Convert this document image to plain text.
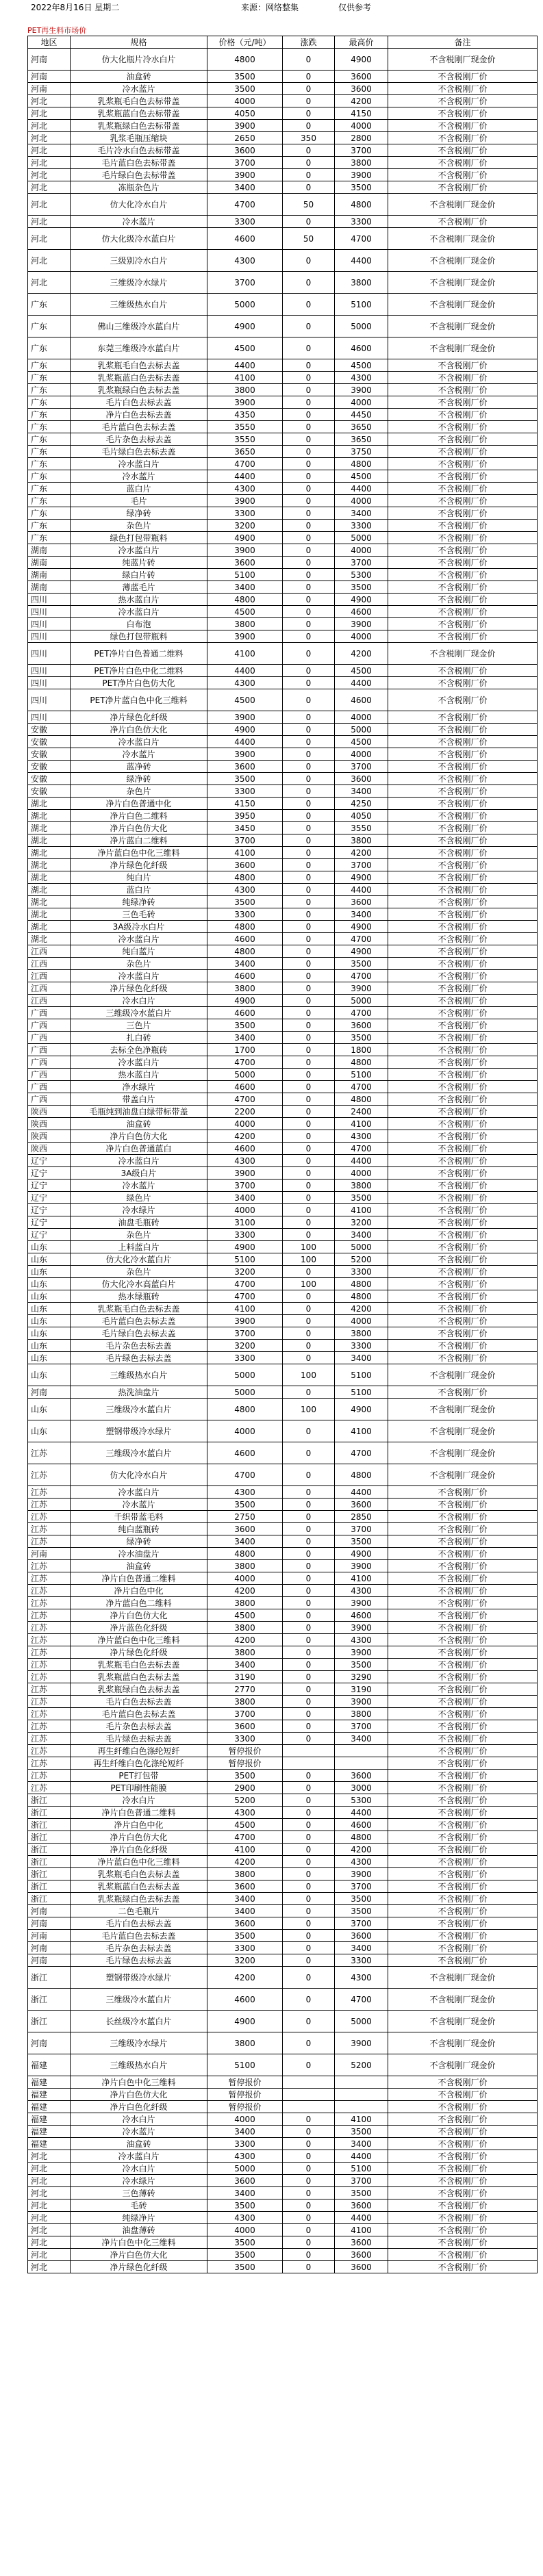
2022年8月16日 星期二	来源：网络整集	仅供参考
PET再生料市场价
地区	规格	价格（元/吨）	涨跌	最高价	备注
河南	仿大化瓶片冷水白片	4800	0	4900	不含税刚厂现金价
河南	油盒砖	3500	0	3600	不含税刚厂价
河南	冷水蓝片	3500	0	3600	不含税刚厂价
河北	乳浆瓶毛白色去标带盖	4000	0	4200	不含税刚厂价
河北	乳浆瓶蓝白色去标带盖	4050	0	4150	不含税刚厂价
河北	乳浆瓶绿白色去标带盖	3900	0	4000	不含税刚厂价
河北	乳浆毛瓶压缩块	2650	350	2800	不含税刚厂价
河北	毛片冷水白色去标带盖	3600	0	3700	不含税刚厂价
河北	毛片蓝白色去标带盖	3700	0	3800	不含税刚厂价
河北	毛片绿白色去标带盖	3900	0	3900	不含税刚厂价
河北	冻瓶杂色片	3400	0	3500	不含税刚厂价
河北	仿大化冷水白片	4700	50	4800	不含税刚厂现金价
河北	冷水蓝片	3300	0	3300	不含税刚厂价
河北	仿大化级冷水蓝白片	4600	50	4700	不含税刚厂现金价
河北	三级别冷水白片	4300	0	4400	不含税刚厂现金价
河北	三维级冷水绿片	3700	0	3800	不含税刚厂现金价
广东	三维级热水白片	5000	0	5100	不含税刚厂现金价
广东	佛山三维级冷水蓝白片	4900	0	5000	不含税刚厂现金价
广东	东莞三维级冷水蓝白片	4500	0	4600	不含税刚厂现金价
广东	乳浆瓶毛白色去标去盖	4400	0	4500	不含税刚厂价
广东	乳浆瓶蓝白色去标去盖	4100	0	4300	不含税刚厂价
广东	乳浆瓶绿白色去标去盖	3800	0	3900	不含税刚厂价
广东	毛片白色去标去盖	3900	0	4000	不含税刚厂价
广东	净片白色去标去盖	4350	0	4450	不含税刚厂价
广东	毛片蓝白色去标去盖	3550	0	3650	不含税刚厂价
广东	毛片杂色去标去盖	3550	0	3650	不含税刚厂价
广东	毛片绿白色去标去盖	3650	0	3750	不含税刚厂价
广东	冷水蓝白片	4700	0	4800	不含税刚厂价
广东	冷水蓝片	4400	0	4500	不含税刚厂价
广东	蓝白片	4300	0	4400	不含税刚厂价
广东	毛片	3900	0	4000	不含税刚厂价
广东	绿净砖	3300	0	3400	不含税刚厂价
广东	杂色片	3200	0	3300	不含税刚厂价
广东	绿色打包带瓶料	4900	0	5000	不含税刚厂价
湖南	冷水蓝白片	3900	0	4000	不含税刚厂价
湖南	纯蓝片砖	3600	0	3700	不含税刚厂价
湖南	绿白片砖	5100	0	5300	不含税刚厂价
湖南	薄蓝毛片	3400	0	3500	不含税刚厂价
四川	热水蓝白片	4800	0	4900	不含税刚厂价
四川	冷水蓝白片	4500	0	4600	不含税刚厂价
四川	白布泡	3800	0	3900	不含税刚厂价
四川	绿色打包带瓶料	3900	0	4000	不含税刚厂价
四川	PET净片白色普通二维料	4100	0	4200	不含税刚厂现金价
四川	PET净片白色中化二维料	4400	0	4500	不含税刚厂价
四川	PET净片白色仿大化	4300	0	4400	不含税刚厂价
四川	PET净片蓝白色中化三维料	4500	0	4600	不含税刚厂价
四川	净片绿色化纤级	3900	0	4000	不含税刚厂价
安徽	净片白色仿大化	4900	0	5000	不含税刚厂价
安徽	冷水蓝白片	4400	0	4500	不含税刚厂价
安徽	冷水蓝片	3900	0	4000	不含税刚厂价
安徽	蓝净砖	3600	0	3700	不含税刚厂价
安徽	绿净砖	3500	0	3600	不含税刚厂价
安徽	杂色片	3300	0	3400	不含税刚厂价
湖北	净片白色普通中化	4150	0	4250	不含税刚厂价
湖北	净片白色二维料	3950	0	4050	不含税刚厂价
湖北	净片白色仿大化	3450	0	3550	不含税刚厂价
湖北	净片蓝白二维料	3700	0	3800	不含税刚厂价
湖北	净片蓝白色中化三维料	4100	0	4200	不含税刚厂价
湖北	净片绿色化纤级	3600	0	3700	不含税刚厂价
湖北	纯白片	4800	0	4900	不含税刚厂价
湖北	蓝白片	4300	0	4400	不含税刚厂价
湖北	纯绿净砖	3500	0	3600	不含税刚厂价
湖北	三色毛砖	3300	0	3400	不含税刚厂价
湖北	3A级冷水白片	4800	0	4900	不含税刚厂价
湖北	冷水蓝白片	4600	0	4700	不含税刚厂价
江西	纯白蓝片	4800	0	4900	不含税刚厂价
江西	杂色片	3400	0	3500	不含税刚厂价
江西	冷水蓝白片	4600	0	4700	不含税刚厂价
江西	净片绿色化纤级	3800	0	3900	不含税刚厂价
江西	冷水白片	4900	0	5000	不含税刚厂价
广西	三维级冷水蓝白片	4600	0	4700	不含税刚厂价
广西	三色片	3500	0	3600	不含税刚厂价
广西	扎白砖	3400	0	3500	不含税刚厂价
广西	去标全色净瓶砖	1700	0	1800	不含税刚厂价
广西	冷水蓝白片	4700	0	4800	不含税刚厂价
广西	热水蓝白片	5000	0	5100	不含税刚厂价
广西	净水绿片	4600	0	4700	不含税刚厂价
广西	带盖白片	4700	0	4800	不含税刚厂价
陕西	毛瓶纯到油盘白绿带标带盖	2200	0	2400	不含税刚厂价
陕西	油盒砖	4000	0	4100	不含税刚厂价
陕西	净片白色仿大化	4200	0	4300	不含税刚厂价
陕西	净片白色普通蓝白	4600	0	4700	不含税刚厂价
辽宁	冷水蓝白片	4300	0	4400	不含税刚厂价
辽宁	3A级白片	3900	0	4000	不含税刚厂价
辽宁	冷水蓝片	3700	0	3800	不含税刚厂价
辽宁	绿色片	3400	0	3500	不含税刚厂价
辽宁	冷水绿片	4000	0	4100	不含税刚厂价
辽宁	油盘毛瓶砖	3100	0	3200	不含税刚厂价
辽宁	杂色片	3300	0	3400	不含税刚厂价
山东	上料蓝白片	4900	100	5000	不含税刚厂价
山东	仿大化冷水蓝白片	5100	100	5200	不含税刚厂价
山东	杂色片	3200	0	3300	不含税刚厂价
山东	仿大化冷水高蓝白片	4700	100	4800	不含税刚厂价
山东	热水绿瓶砖	4700	0	4800	不含税刚厂价
山东	乳浆瓶毛白色去标去盖	4100	0	4200	不含税刚厂价
山东	毛片蓝白色去标去盖	3900	0	4000	不含税刚厂价
山东	毛片绿白色去标去盖	3700	0	3800	不含税刚厂价
山东	毛片杂色去标去盖	3200	0	3300	不含税刚厂价
山东	毛片绿色去标去盖	3300	0	3400	不含税刚厂价
山东	三维级热水白片	5000	100	5100	不含税刚厂现金价
河南	热洗油盘片	5000	0	5100	不含税刚厂价
山东	三维级冷水蓝白片	4800	100	4900	不含税刚厂现金价
山东	塑钢带级冷水绿片	4000	0	4100	不含税刚厂现金价
江苏	三维级冷水蓝白片	4600	0	4700	不含税刚厂现金价
江苏	仿大化冷水白片	4700	0	4800	不含税刚厂现金价
江苏	冷水蓝白片	4300	0	4400	不含税刚厂价
江苏	冷水蓝片	3500	0	3600	不含税刚厂价
江苏	千织带蓝毛料	2750	0	2850	不含税刚厂价
江苏	纯白蓝瓶砖	3600	0	3700	不含税刚厂价
江苏	绿净砖	3400	0	3500	不含税刚厂价
河南	冷水油盘片	4800	0	4900	不含税刚厂价
江苏	油盒砖	3800	0	3900	不含税刚厂价
江苏	净片白色普通二维料	4000	0	4100	不含税刚厂价
江苏	净片白色中化	4200	0	4300	不含税刚厂价
江苏	净片蓝白色二维料	3800	0	3900	不含税刚厂价
江苏	净片白色仿大化	4500	0	4600	不含税刚厂价
江苏	净片蓝色化纤级	3800	0	3900	不含税刚厂价
江苏	净片蓝白色中化三维料	4200	0	4300	不含税刚厂价
江苏	净片绿色化纤级	3800	0	3900	不含税刚厂价
江苏	乳浆瓶毛白色去标去盖	3400	0	3500	不含税刚厂价
江苏	乳浆瓶蓝白色去标去盖	3190	0	3290	不含税刚厂价
江苏	乳浆瓶绿白色去标去盖	2770	0	3190	不含税刚厂价
江苏	毛片白色去标去盖	3800	0	3900	不含税刚厂价
江苏	毛片蓝白色去标去盖	3700	0	3800	不含税刚厂价
江苏	毛片杂色去标去盖	3600	0	3700	不含税刚厂价
江苏	毛片绿色去标去盖	3300	0	3400	不含税刚厂价
江苏	再生纤维白色涤纶短纤	暂停报价			不含税刚厂价
江苏	再生纤维白色化涤纶短纤	暂停报价			不含税刚厂价
江苏	PET打包带	3500	0	3600	不含税刚厂价
江苏	PET印刷性能膜	2900	0	3000	不含税刚厂价
浙江	冷水白片	5200	0	5300	不含税刚厂价
浙江	净片白色普通二维料	4300	0	4400	不含税刚厂价
浙江	净片白色中化	4500	0	4600	不含税刚厂价
浙江	净片白色仿大化	4700	0	4800	不含税刚厂价
浙江	净片白色化纤级	4100	0	4200	不含税刚厂价
浙江	净片蓝白色中化三维料	4200	0	4300	不含税刚厂价
浙江	乳浆瓶毛白色去标去盖	3800	0	3900	不含税刚厂价
浙江	乳浆瓶蓝白色去标去盖	3600	0	3700	不含税刚厂价
浙江	乳浆瓶绿白色去标去盖	3400	0	3500	不含税刚厂价
河南	二色毛瓶片	3400	0	3500	不含税刚厂价
河南	毛片白色去标去盖	3600	0	3700	不含税刚厂价
河南	毛片蓝白色去标去盖	3500	0	3600	不含税刚厂价
河南	毛片杂色去标去盖	3300	0	3400	不含税刚厂价
河南	毛片绿色去标去盖	3200	0	3300	不含税刚厂价
浙江	塑钢带级冷水绿片	4200	0	4300	不含税刚厂现金价
浙江	三维级冷水蓝白片	4600	0	4700	不含税刚厂现金价
浙江	长丝级冷水蓝白片	4900	0	5000	不含税刚厂现金价
河南	三维级冷水绿片	3800	0	3900	不含税刚厂现金价
福建	三维级热水白片	5100	0	5200	不含税刚厂现金价
福建	净片白色中化三维料	暂停报价			不含税刚厂价
福建	净片白色仿大化	暂停报价			不含税刚厂价
福建	净片白色化纤级	暂停报价			不含税刚厂价
福建	冷水白片	4000	0	4100	不含税刚厂价
福建	冷水蓝片	3400	0	3500	不含税刚厂价
福建	油盒砖	3300	0	3400	不含税刚厂价
河北	冷水蓝白片	4300	0	4400	不含税刚厂价
河北	冷水白片	5000	0	5100	不含税刚厂价
河北	冷水绿片	3600	0	3700	不含税刚厂价
河北	三色薄砖	3400	0	3500	不含税刚厂价
河北	毛砖	3500	0	3600	不含税刚厂价
河北	纯绿净片	4300	0	4400	不含税刚厂价
河北	油盘薄砖	4000	0	4100	不含税刚厂价
河北	净片白色中化三维料	3500	0	3600	不含税刚厂价
河北	净片白色仿大化	3500	0	3600	不含税刚厂价
河北	净片绿色化纤级	3500	0	3600	不含税刚厂价
